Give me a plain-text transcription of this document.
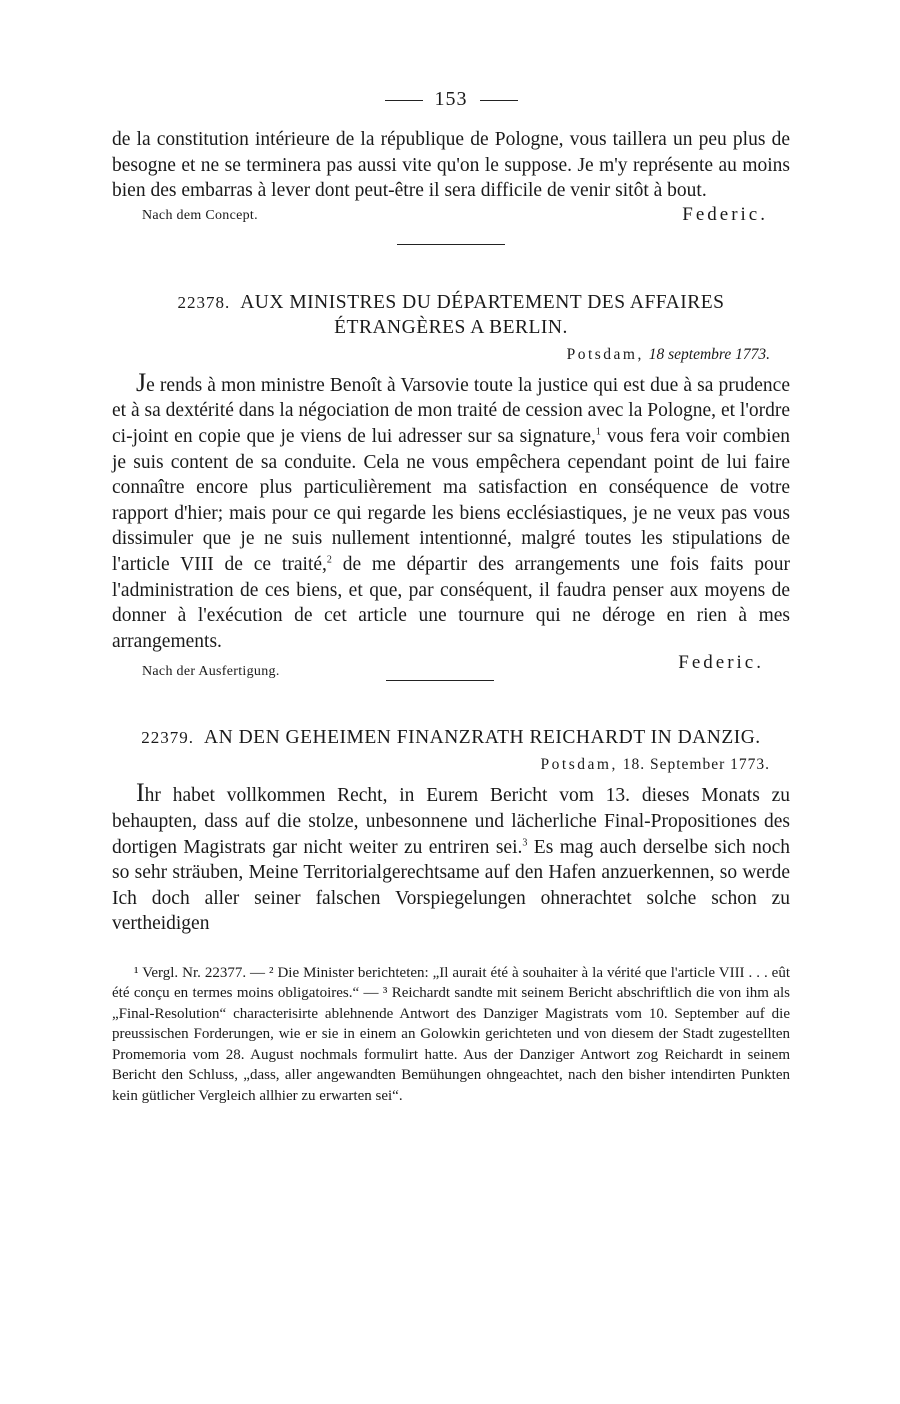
153

de la constitution intérieure de la république de Pologne, vous taillera un peu plus de besogne et ne se terminera pas aussi vite qu'on le suppose. Je m'y représente au moins bien des embarras à lever dont peut-être il sera difficile de venir sitôt à bout.

Nach dem Concept.	Federic.
22378. AUX MINISTRES DU DÉPARTEMENT DES AFFAIRES ÉTRANGÈRES A BERLIN.
Potsdam, 18 septembre 1773.

Je rends à mon ministre Benoît à Varsovie toute la justice qui est due à sa prudence et à sa dextérité dans la négociation de mon traité de cession avec la Pologne, et l'ordre ci-joint en copie que je viens de lui adresser sur sa signature,$^1$ vous fera voir combien je suis content de sa conduite. Cela ne vous empêchera cependant point de lui faire connaître encore plus particulièrement ma satisfaction en conséquence de votre rapport d'hier; mais pour ce qui regarde les biens ecclésiastiques, je ne veux pas vous dissimuler que je ne suis nullement intentionné, malgré toutes les stipulations de l'article VIII de ce traité,$^2$ de me départir des arrangements une fois faits pour l'administration de ces biens, et que, par conséquent, il faudra penser aux moyens de donner à l'exécution de cet article une tournure qui ne déroge en rien à mes arrangements.

Nach der Ausfertigung.	Federic.
22379. AN DEN GEHEIMEN FINANZRATH REICHARDT IN DANZIG.
Potsdam, 18. September 1773.

Ihr habet vollkommen Recht, in Eurem Bericht vom 13. dieses Monats zu behaupten, dass auf die stolze, unbesonnene und lächerliche Final-Propositiones des dortigen Magistrats gar nicht weiter zu entriren sei.$^3$ Es mag auch derselbe sich noch so sehr sträuben, Meine Territorialgerechtsame auf den Hafen anzuerkennen, so werde Ich doch aller seiner falschen Vorspiegelungen ohnerachtet solche schon zu vertheidigen

¹ Vergl. Nr. 22377. — ² Die Minister berichteten: „Il aurait été à souhaiter à la vérité que l'article VIII . . . eût été conçu en termes moins obligatoires.“ — ³ Reichardt sandte mit seinem Bericht abschriftlich die von ihm als „Final-Resolution“ characterisirte ablehnende Antwort des Danziger Magistrats vom 10. September auf die preussischen Forderungen, wie er sie in einem an Golowkin gerichteten und von diesem der Stadt zugestellten Promemoria vom 28. August nochmals formulirt hatte. Aus der Danziger Antwort zog Reichardt in seinem Bericht den Schluss, „dass, aller angewandten Bemühungen ohngeachtet, nach den bisher intendirten Punkten kein gütlicher Vergleich allhier zu erwarten sei“.
